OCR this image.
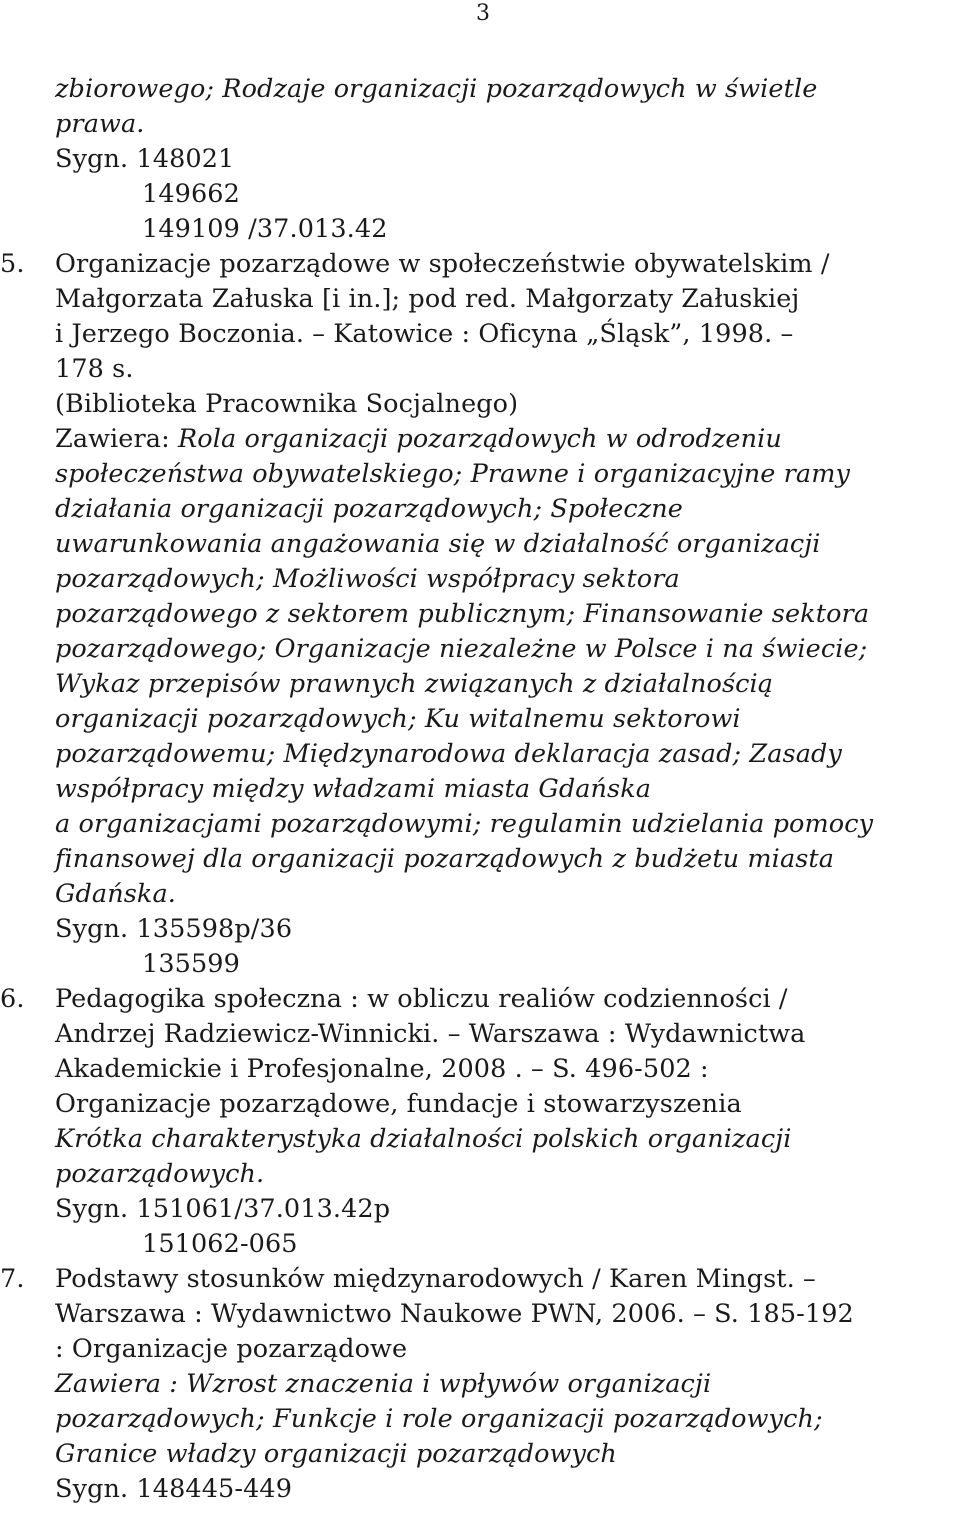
3
zbiorowego; Rodzaje organizacji pozarządowych w świetle
prawa.
Sygn. 148021
149662
149109 /37.013.42
5. Organizacje pozarządowe w społeczeństwie obywatelskim /
Małgorzata Załuska [i in.]; pod red. Małgorzaty Załuskiej
i Jerzego Boczonia. – Katowice : Oficyna „Śląsk”, 1998. –
178 s.
(Biblioteka Pracownika Socjalnego)
Zawiera: Rola organizacji pozarządowych w odrodzeniu
społeczeństwa obywatelskiego; Prawne i organizacyjne ramy
działania organizacji pozarządowych; Społeczne
uwarunkowania angażowania się w działalność organizacji
pozarządowych; Możliwości współpracy sektora
pozarządowego z sektorem publicznym; Finansowanie sektora
pozarządowego; Organizacje niezależne w Polsce i na świecie;
Wykaz przepisów prawnych związanych z działalnością
organizacji pozarządowych; Ku witalnemu sektorowi
pozarządowemu; Międzynarodowa deklaracja zasad; Zasady
współpracy między władzami miasta Gdańska
a organizacjami pozarządowymi; regulamin udzielania pomocy
finansowej dla organizacji pozarządowych z budżetu miasta
Gdańska.
Sygn. 135598p/36
135599
6. Pedagogika społeczna : w obliczu realiów codzienności /
Andrzej Radziewicz-Winnicki. – Warszawa : Wydawnictwa
Akademickie i Profesjonalne, 2008 . – S. 496-502 :
Organizacje pozarządowe, fundacje i stowarzyszenia
Krótka charakterystyka działalności polskich organizacji
pozarządowych.
Sygn. 151061/37.013.42p
151062-065
7. Podstawy stosunków międzynarodowych / Karen Mingst. –
Warszawa : Wydawnictwo Naukowe PWN, 2006. – S. 185-192
: Organizacje pozarządowe
Zawiera : Wzrost znaczenia i wpływów organizacji
pozarządowych; Funkcje i role organizacji pozarządowych;
Granice władzy organizacji pozarządowych
Sygn. 148445-449
